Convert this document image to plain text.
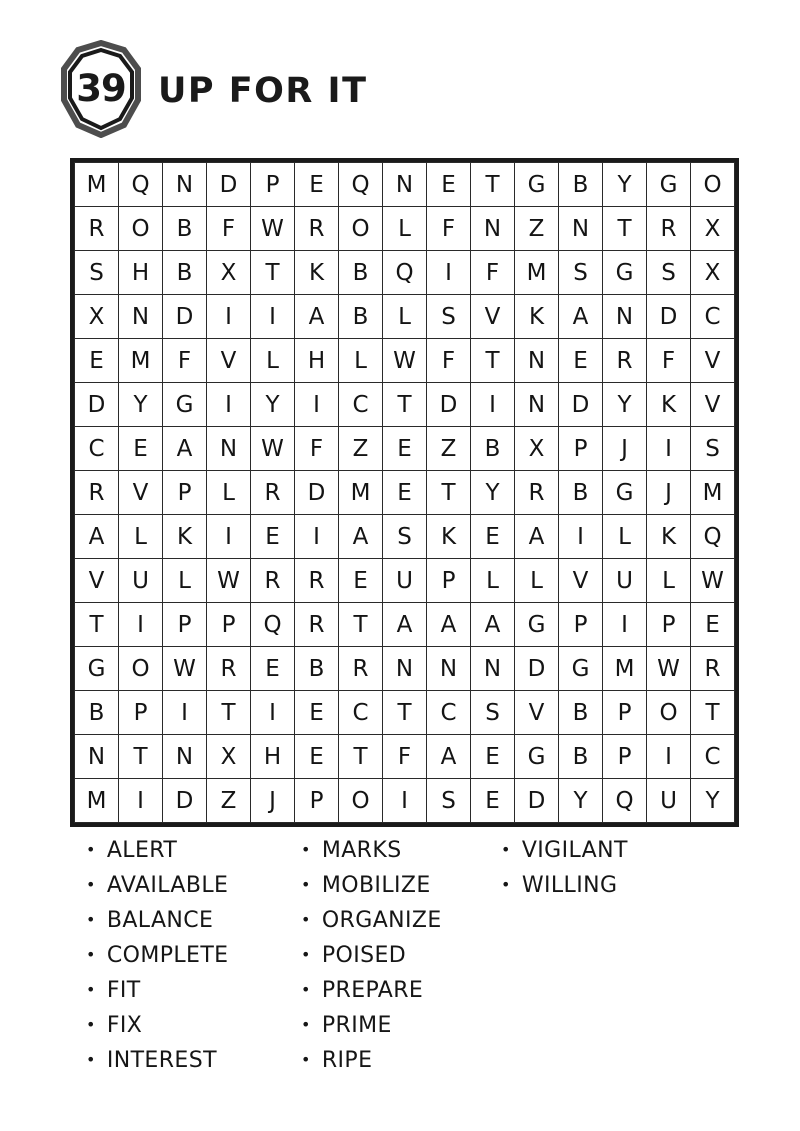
39 UP FOR IT
M	Q	N	D	P	E	Q	N	E	T	G	B	Y	G	O
R	O	B	F	W	R	O	L	F	N	Z	N	T	R	X
S	H	B	X	T	K	B	Q	I	F	M	S	G	S	X
X	N	D	I	I	A	B	L	S	V	K	A	N	D	C
E	M	F	V	L	H	L	W	F	T	N	E	R	F	V
D	Y	G	I	Y	I	C	T	D	I	N	D	Y	K	V
C	E	A	N	W	F	Z	E	Z	B	X	P	J	I	S
R	V	P	L	R	D	M	E	T	Y	R	B	G	J	M
A	L	K	I	E	I	A	S	K	E	A	I	L	K	Q
V	U	L	W	R	R	E	U	P	L	L	V	U	L	W
T	I	P	P	Q	R	T	A	A	A	G	P	I	P	E
G	O	W	R	E	B	R	N	N	N	D	G	M	W	R
B	P	I	T	I	E	C	T	C	S	V	B	P	O	T
N	T	N	X	H	E	T	F	A	E	G	B	P	I	C
M	I	D	Z	J	P	O	I	S	E	D	Y	Q	U	Y
• ALERT
• AVAILABLE
• BALANCE
• COMPLETE
• FIT
• FIX
• INTEREST
• MARKS
• MOBILIZE
• ORGANIZE
• POISED
• PREPARE
• PRIME
• RIPE
• VIGILANT
• WILLING
